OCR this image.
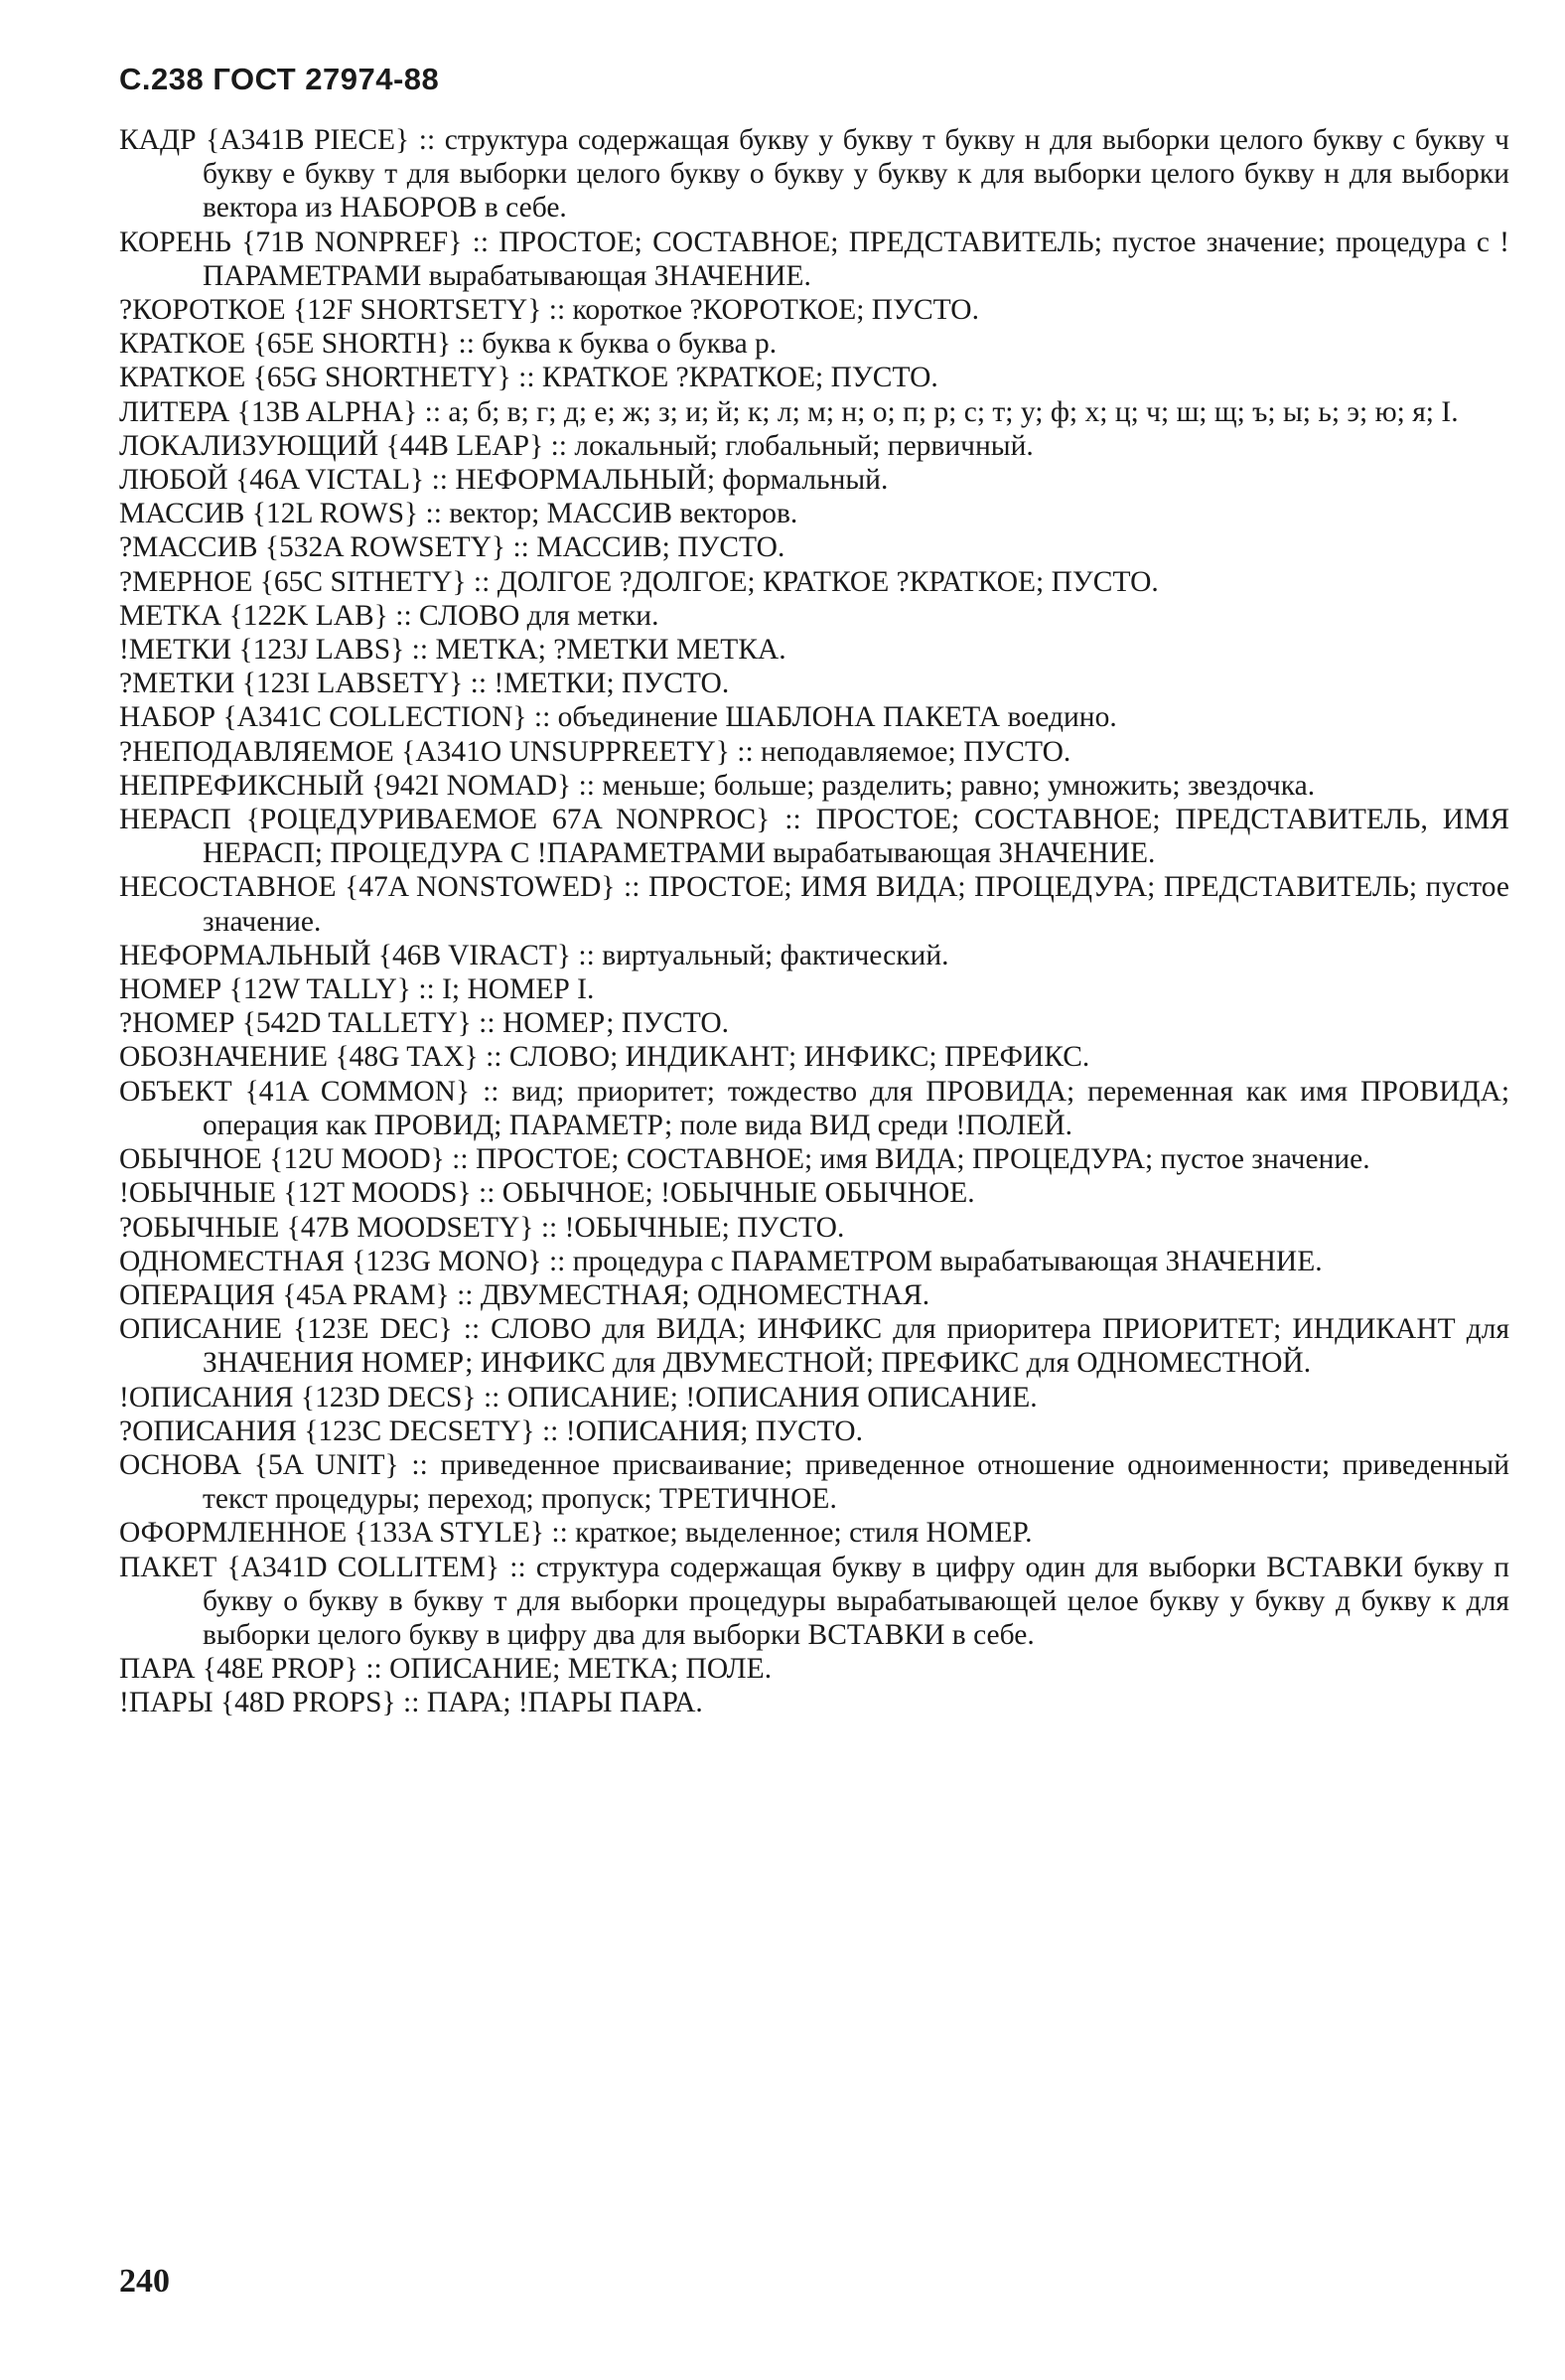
С.238 ГОСТ 27974-88

КАДР {A341B PIECE} :: структура содержащая букву у букву т букву н для выборки целого букву с букву ч букву е букву т для выборки целого букву о букву у букву к для выборки целого букву н для выборки вектора из НАБОРОВ в себе.

КОРЕНЬ {71B NONPREF} :: ПРОСТОЕ; СОСТАВНОЕ; ПРЕДСТАВИТЕЛЬ; пустое значение; процедура с !ПАРАМЕТРАМИ вырабатывающая ЗНАЧЕНИЕ.

?КОРОТКОЕ {12F SHORTSETY} :: короткое ?КОРОТКОЕ; ПУСТО.

КРАТКОЕ {65E SHORTH} :: буква к буква о буква р.

КРАТКОЕ {65G SHORTHETY} :: КРАТКОЕ ?КРАТКОЕ; ПУСТО.

ЛИТЕРА {13B ALPHA} :: а; б; в; г; д; е; ж; з; и; й; к; л; м; н; о; п; р; с; т; у; ф; х; ц; ч; ш; щ; ъ; ы; ь; э; ю; я; I.

ЛОКАЛИЗУЮЩИЙ {44B LEAP} :: локальный; глобальный; первичный.

ЛЮБОЙ {46A VICTAL} :: НЕФОРМАЛЬНЫЙ; формальный.

МАССИВ {12L ROWS} :: вектор; МАССИВ векторов.

?МАССИВ {532A ROWSETY} :: МАССИВ; ПУСТО.

?МЕРНОЕ {65C SITHETY} :: ДОЛГОЕ ?ДОЛГОЕ; КРАТКОЕ ?КРАТКОЕ; ПУСТО.

МЕТКА {122K LAB} :: СЛОВО для метки.

!МЕТКИ {123J LABS} :: МЕТКА; ?МЕТКИ МЕТКА.

?МЕТКИ {123I LABSETY} :: !МЕТКИ; ПУСТО.

НАБОР {A341C COLLECTION} :: объединение ШАБЛОНА ПАКЕТА воедино.

?НЕПОДАВЛЯЕМОЕ {A341O UNSUPPREETY} :: неподавляемое; ПУСТО.

НЕПРЕФИКСНЫЙ {942I NOMAD} :: меньше; больше; разделить; равно; умножить; звездочка.

НЕРАСП {РОЦЕДУРИВАЕМОЕ 67A NONPROC} :: ПРОСТОЕ; СОСТАВНОЕ; ПРЕДСТАВИТЕЛЬ, ИМЯ НЕРАСП; ПРОЦЕДУРА С !ПАРАМЕТРАМИ вырабатывающая ЗНАЧЕНИЕ.

НЕСОСТАВНОЕ {47A NONSTOWED} :: ПРОСТОЕ; ИМЯ ВИДА; ПРОЦЕДУРА; ПРЕДСТАВИТЕЛЬ; пустое значение.

НЕФОРМАЛЬНЫЙ {46B VIRACT} :: виртуальный; фактический.

НОМЕР {12W TALLY} :: I; НОМЕР I.

?НОМЕР {542D TALLETY} :: НОМЕР; ПУСТО.

ОБОЗНАЧЕНИЕ {48G TAX} :: СЛОВО; ИНДИКАНТ; ИНФИКС; ПРЕФИКС.

ОБЪЕКТ {41A COMMON} :: вид; приоритет; тождество для ПРОВИДА; переменная как имя ПРОВИДА; операция как ПРОВИД; ПАРАМЕТР; поле вида ВИД среди !ПОЛЕЙ.

ОБЫЧНОЕ {12U MOOD} :: ПРОСТОЕ; СОСТАВНОЕ; имя ВИДА; ПРОЦЕДУРА; пустое значение.

!ОБЫЧНЫЕ {12T MOODS} :: ОБЫЧНОЕ; !ОБЫЧНЫЕ ОБЫЧНОЕ.

?ОБЫЧНЫЕ {47B MOODSETY} :: !ОБЫЧНЫЕ; ПУСТО.

ОДНОМЕСТНАЯ {123G MONO} :: процедура с ПАРАМЕТРОМ вырабатывающая ЗНАЧЕНИЕ.

ОПЕРАЦИЯ {45A PRAM} :: ДВУМЕСТНАЯ; ОДНОМЕСТНАЯ.

ОПИСАНИЕ {123E DEC} :: СЛОВО для ВИДА; ИНФИКС для приоритера ПРИОРИТЕТ; ИНДИКАНТ для ЗНАЧЕНИЯ НОМЕР; ИНФИКС для ДВУМЕСТНОЙ; ПРЕФИКС для ОДНОМЕСТНОЙ.

!ОПИСАНИЯ {123D DECS} :: ОПИСАНИЕ; !ОПИСАНИЯ ОПИСАНИЕ.

?ОПИСАНИЯ {123C DECSETY} :: !ОПИСАНИЯ; ПУСТО.

ОСНОВА {5A UNIT} :: приведенное присваивание; приведенное отношение одноименности; приведенный текст процедуры; переход; пропуск; ТРЕТИЧНОЕ.

ОФОРМЛЕННОЕ {133A STYLE} :: краткое; выделенное; стиля НОМЕР.

ПАКЕТ {A341D COLLITEM} :: структура содержащая букву в цифру один для выборки ВСТАВКИ букву п букву о букву в букву т для выборки процедуры вырабатывающей целое букву у букву д букву к для выборки целого букву в цифру два для выборки ВСТАВКИ в себе.

ПАРА {48E PROP} :: ОПИСАНИЕ; МЕТКА; ПОЛЕ.

!ПАРЫ {48D PROPS} :: ПАРА; !ПАРЫ ПАРА.

240
